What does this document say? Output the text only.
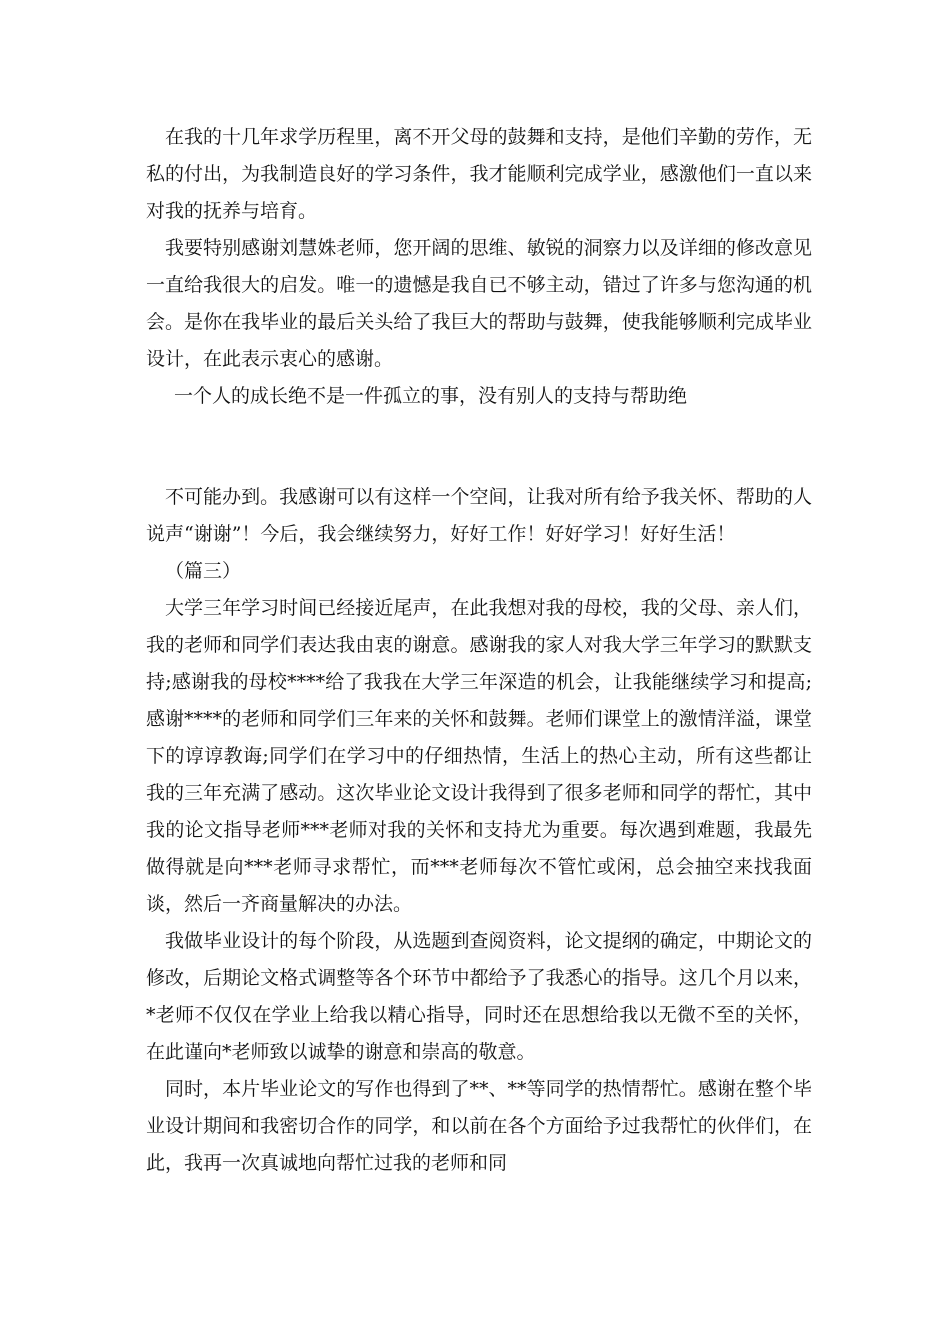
在我的十几年求学历程里，离不开父母的鼓舞和支持，是他们辛勤的劳作，无私的付出，为我制造良好的学习条件，我才能顺利完成学业，感激他们一直以来对我的抚养与培育。

我要特别感谢刘慧姝老师，您开阔的思维、敏锐的洞察力以及详细的修改意见一直给我很大的启发。唯一的遗憾是我自已不够主动，错过了许多与您沟通的机会。是你在我毕业的最后关头给了我巨大的帮助与鼓舞，使我能够顺利完成毕业设计，在此表示衷心的感谢。

一个人的成长绝不是一件孤立的事，没有别人的支持与帮助绝

不可能办到。我感谢可以有这样一个空间，让我对所有给予我关怀、帮助的人说声“谢谢”！今后，我会继续努力，好好工作！好好学习！好好生活！

（篇三）

大学三年学习时间已经接近尾声，在此我想对我的母校，我的父母、亲人们，我的老师和同学们表达我由衷的谢意。感谢我的家人对我大学三年学习的默默支持;感谢我的母校****给了我我在大学三年深造的机会，让我能继续学习和提高;感谢****的老师和同学们三年来的关怀和鼓舞。老师们课堂上的激情洋溢，课堂下的谆谆教诲;同学们在学习中的仔细热情，生活上的热心主动，所有这些都让我的三年充满了感动。这次毕业论文设计我得到了很多老师和同学的帮忙，其中我的论文指导老师***老师对我的关怀和支持尤为重要。每次遇到难题，我最先做得就是向***老师寻求帮忙，而***老师每次不管忙或闲，总会抽空来找我面谈，然后一齐商量解决的办法。

我做毕业设计的每个阶段，从选题到查阅资料，论文提纲的确定，中期论文的修改，后期论文格式调整等各个环节中都给予了我悉心的指导。这几个月以来，*老师不仅仅在学业上给我以精心指导，同时还在思想给我以无微不至的关怀，在此谨向*老师致以诚挚的谢意和崇高的敬意。

同时，本片毕业论文的写作也得到了**、**等同学的热情帮忙。感谢在整个毕业设计期间和我密切合作的同学，和以前在各个方面给予过我帮忙的伙伴们，在此，我再一次真诚地向帮忙过我的老师和同
